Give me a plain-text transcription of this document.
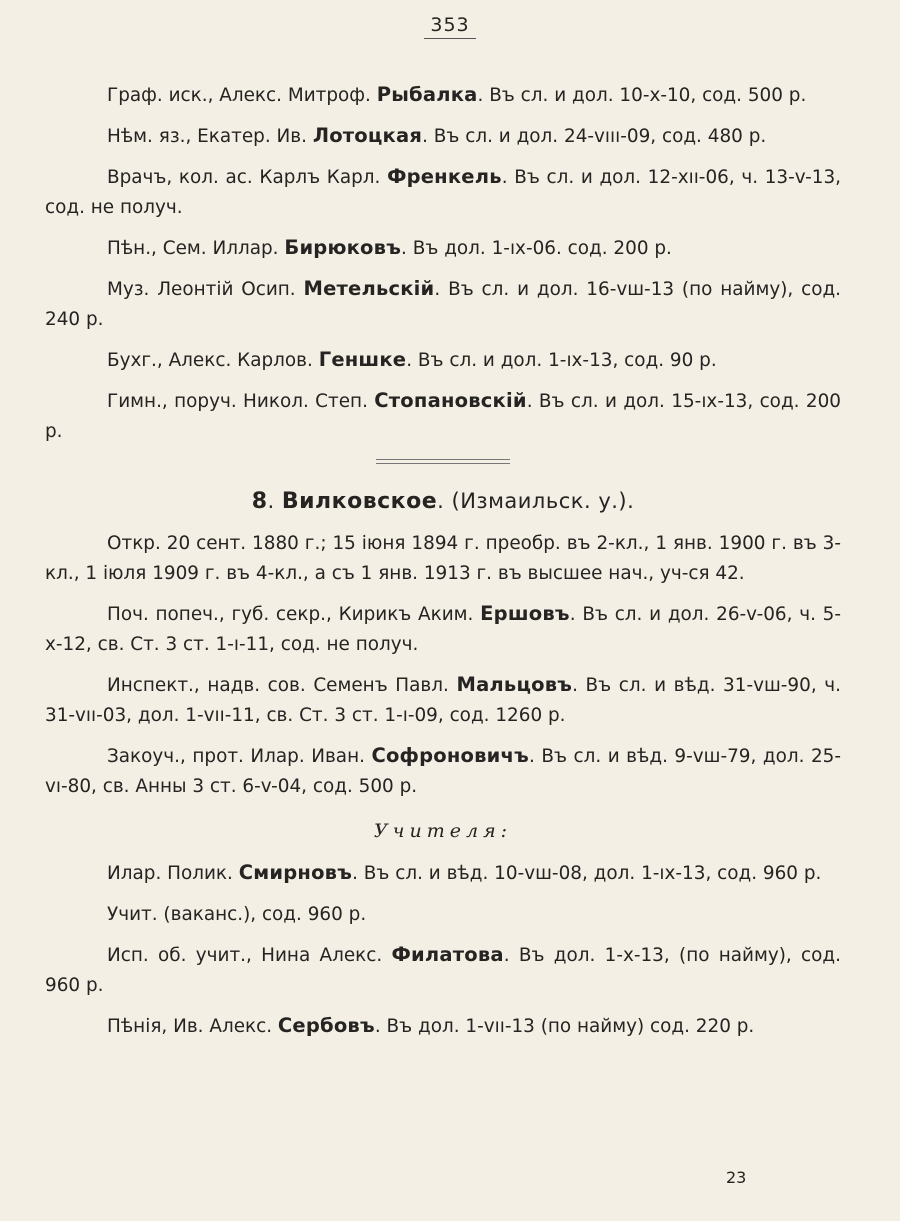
353

Граф. иск., Алекс. Митроф. Рыбалка. Въ сл. и дол. 10-х-10, сод. 500 р.

Нѣм. яз., Екатер. Ив. Лотоцкая. Въ сл. и дол. 24-vııı-09, сод. 480 р.

Врачъ, кол. ас. Карлъ Карл. Френкель. Въ сл. и дол. 12-хıı-06, ч. 13-v-13, сод. не получ.

Пѣн., Сем. Иллар. Бирюковъ. Въ дол. 1-ıх-06. сод. 200 р.

Муз. Леонтій Осип. Метельскій. Въ сл. и дол. 16-vш-13 (по найму), сод. 240 р.

Бухг., Алекс. Карлов. Геншке. Въ сл. и дол. 1-ıх-13, сод. 90 р.

Гимн., поруч. Никол. Степ. Стопановскій. Въ сл. и дол. 15-ıх-13, сод. 200 р.

8. Вилковское. (Измаильск. у.).

Откр. 20 сент. 1880 г.; 15 іюня 1894 г. преобр. въ 2-кл., 1 янв. 1900 г. въ 3-кл., 1 іюля 1909 г. въ 4-кл., а съ 1 янв. 1913 г. въ высшее нач., уч-ся 42.

Поч. попеч., губ. секр., Кирикъ Аким. Ершовъ. Въ сл. и дол. 26-v-06, ч. 5-х-12, св. Ст. 3 ст. 1-ı-11, сод. не получ.

Инспект., надв. сов. Семенъ Павл. Мальцовъ. Въ сл. и вѣд. 31-vш-90, ч. 31-vıı-03, дол. 1-vıı-11, св. Ст. 3 ст. 1-ı-09, сод. 1260 р.

Закоуч., прот. Илар. Иван. Софроновичъ. Въ сл. и вѣд. 9-vш-79, дол. 25-vı-80, св. Анны 3 ст. 6-v-04, сод. 500 р.

Учителя:

Илар. Полик. Смирновъ. Въ сл. и вѣд. 10-vш-08, дол. 1-ıх-13, сод. 960 р.

Учит. (ваканс.), сод. 960 р.

Исп. об. учит., Нина Алекс. Филатова. Въ дол. 1-х-13, (по найму), сод. 960 р.

Пѣнія, Ив. Алекс. Сербовъ. Въ дол. 1-vıı-13 (по найму) сод. 220 р.

23
